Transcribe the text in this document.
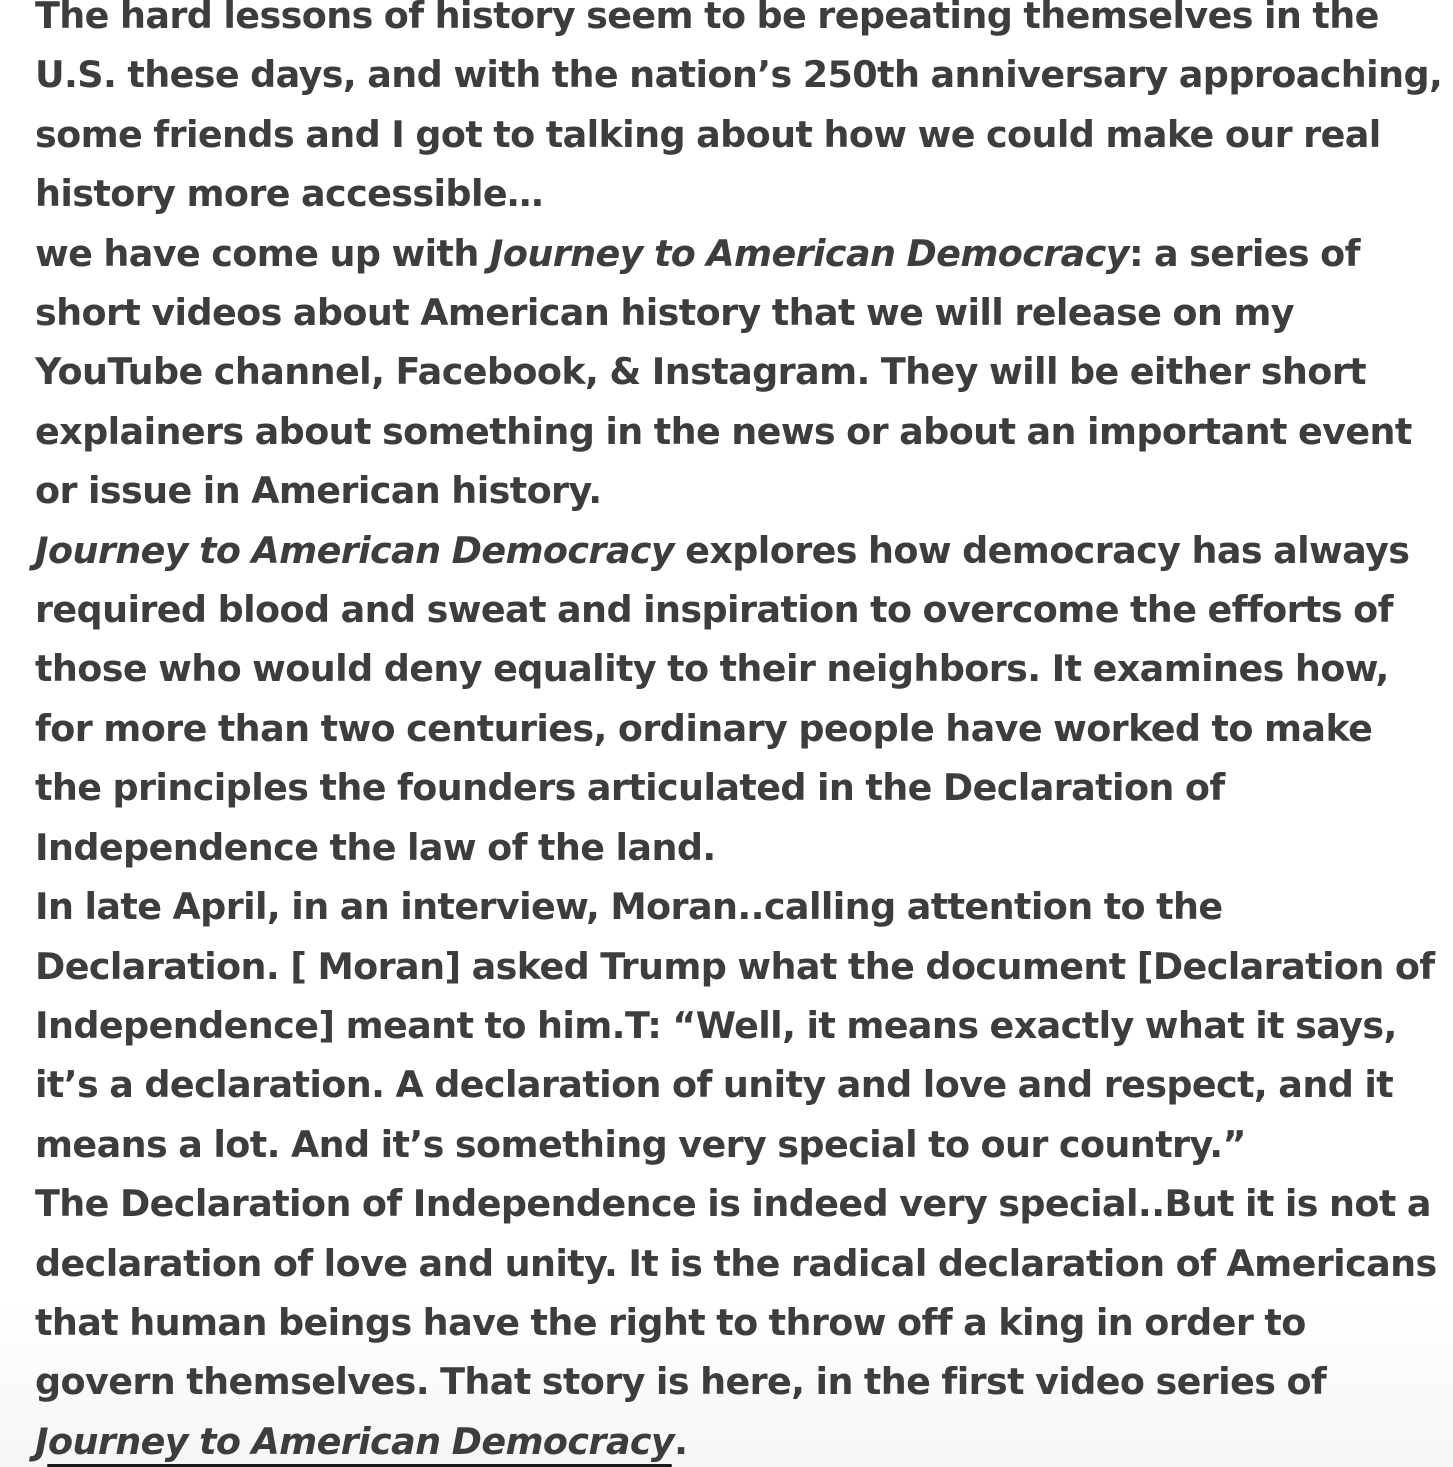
The hard lessons of history seem to be repeating themselves in the U.S. these days, and with the nation’s 250th anniversary approaching, some friends and I got to talking about how we could make our real history more accessible…

we have come up with Journey to American Democracy: a series of short videos about American history that we will release on my YouTube channel, Facebook, & Instagram. They will be either short explainers about something in the news or about an important event or issue in American history.

Journey to American Democracy explores how democracy has always required blood and sweat and inspiration to overcome the efforts of those who would deny equality to their neighbors. It examines how, for more than two centuries, ordinary people have worked to make the principles the founders articulated in the Declaration of Independence the law of the land.

In late April, in an interview, Moran..calling attention to the Declaration. [ Moran] asked Trump what the document [Declaration of Independence] meant to him.T: “Well, it means exactly what it says, it’s a declaration. A declaration of unity and love and respect, and it means a lot. And it’s something very special to our country.”

The Declaration of Independence is indeed very special..But it is not a declaration of love and unity. It is the radical declaration of Americans that human beings have the right to throw off a king in order to govern themselves. That story is here, in the first video series of Journey to American Democracy.
